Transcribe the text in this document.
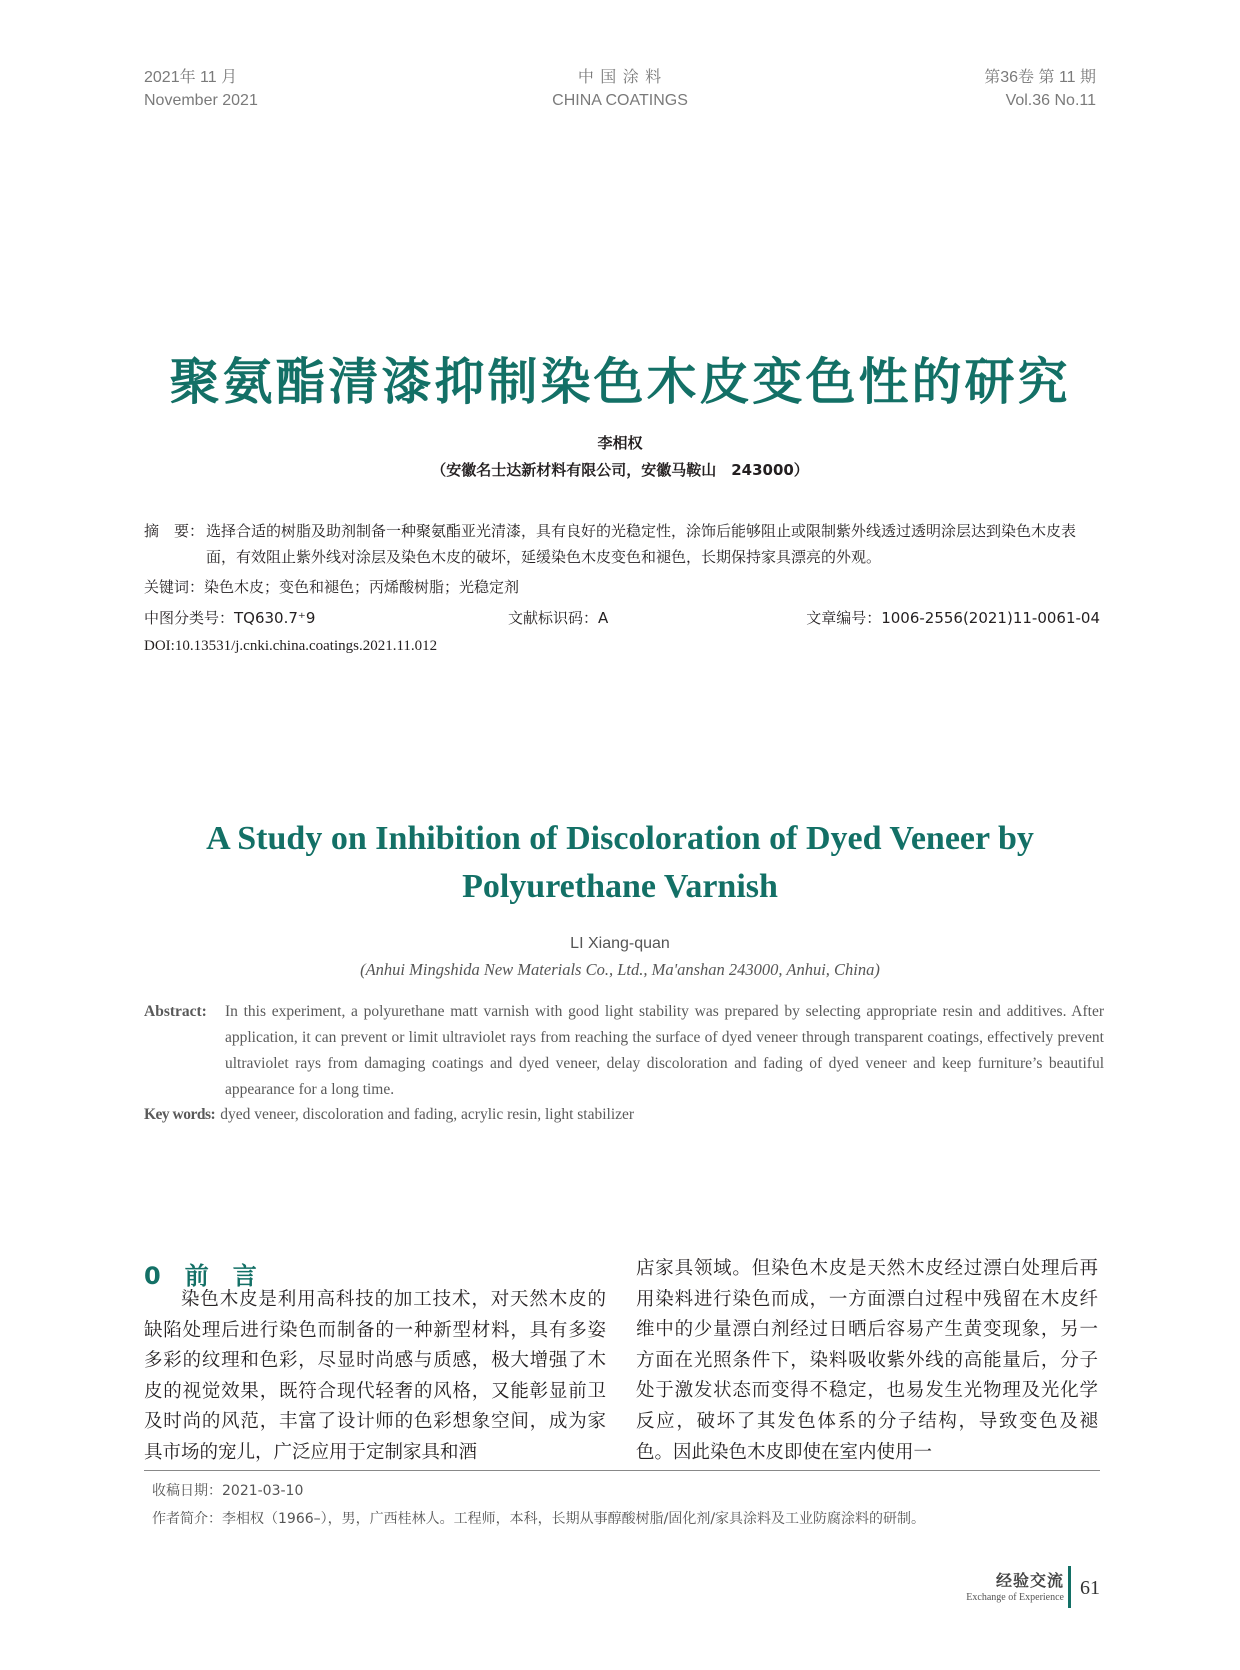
2021年 11 月
November 2021
中 国 涂 料
CHINA COATINGS
第36卷 第 11 期
Vol.36 No.11
聚氨酯清漆抑制染色木皮变色性的研究
李相权
（安徽名士达新材料有限公司，安徽马鞍山　243000）
摘　要： 选择合适的树脂及助剂制备一种聚氨酯亚光清漆，具有良好的光稳定性，涂饰后能够阻止或限制紫外线透过透明涂层达到染色木皮表面，有效阻止紫外线对涂层及染色木皮的破坏，延缓染色木皮变色和褪色，长期保持家具漂亮的外观。
关键词：染色木皮；变色和褪色；丙烯酸树脂；光稳定剂
中图分类号：TQ630.7⁺9	文献标识码：A	文章编号：1006-2556(2021)11-0061-04
DOI:10.13531/j.cnki.china.coatings.2021.11.012
A Study on Inhibition of Discoloration of Dyed Veneer by Polyurethane Varnish
LI Xiang-quan
(Anhui Mingshida New Materials Co., Ltd., Ma'anshan 243000, Anhui, China)
Abstract: In this experiment, a polyurethane matt varnish with good light stability was prepared by selecting appropriate resin and additives. After application, it can prevent or limit ultraviolet rays from reaching the surface of dyed veneer through transparent coatings, effectively prevent ultraviolet rays from damaging coatings and dyed veneer, delay discoloration and fading of dyed veneer and keep furniture’s beautiful appearance for a long time.
Key words: dyed veneer, discoloration and fading, acrylic resin, light stabilizer
0 前 言
染色木皮是利用高科技的加工技术，对天然木皮的缺陷处理后进行染色而制备的一种新型材料，具有多姿多彩的纹理和色彩，尽显时尚感与质感，极大增强了木皮的视觉效果，既符合现代轻奢的风格，又能彰显前卫及时尚的风范，丰富了设计师的色彩想象空间，成为家具市场的宠儿，广泛应用于定制家具和酒
店家具领域。但染色木皮是天然木皮经过漂白处理后再用染料进行染色而成，一方面漂白过程中残留在木皮纤维中的少量漂白剂经过日晒后容易产生黄变现象，另一方面在光照条件下，染料吸收紫外线的高能量后，分子处于激发状态而变得不稳定，也易发生光物理及光化学反应，破坏了其发色体系的分子结构，导致变色及褪色。因此染色木皮即使在室内使用一
收稿日期：2021-03-10
作者简介：李相权（1966–），男，广西桂林人。工程师，本科，长期从事醇酸树脂/固化剂/家具涂料及工业防腐涂料的研制。
经验交流
Exchange of Experience 61
